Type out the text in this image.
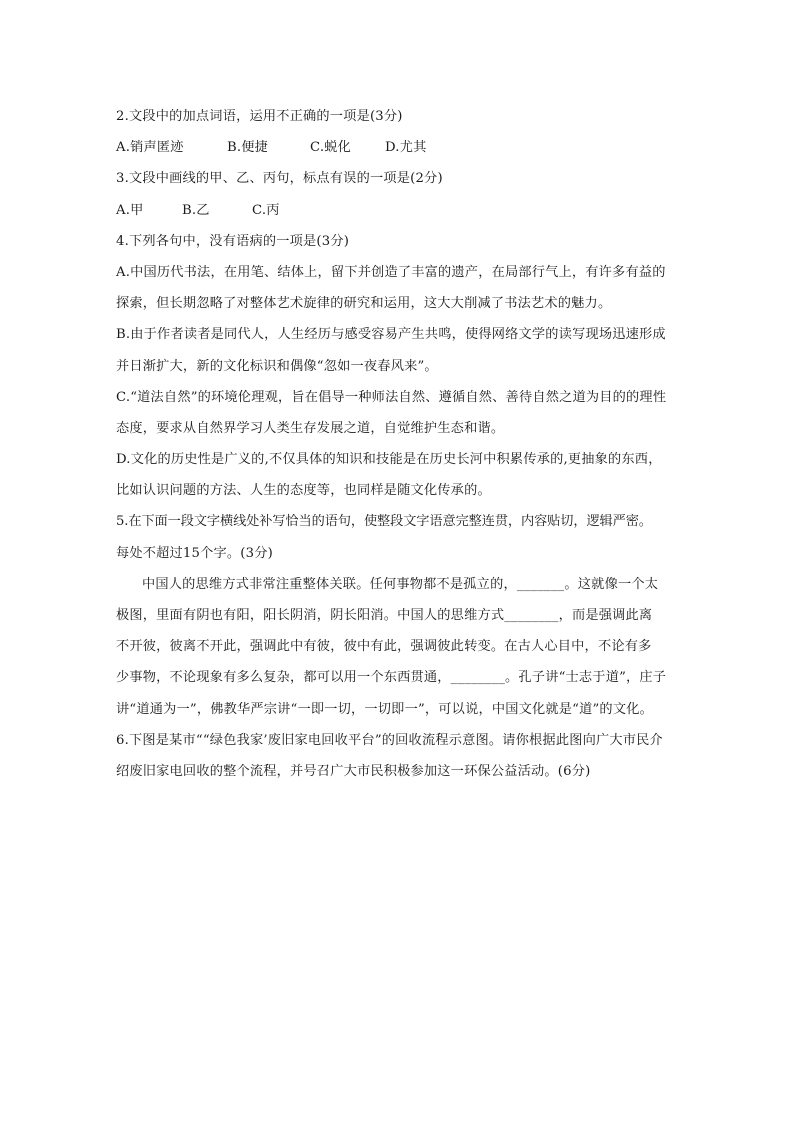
2.文段中的加点词语，运用不正确的一项是(3分)
A.销声匿迹	B.便捷	C.蜕化	D.尤其
3.文段中画线的甲、乙、丙句，标点有误的一项是(2分)
A.甲	B.乙	C.丙
4.下列各句中，没有语病的一项是(3分)
A.中国历代书法，在用笔、结体上，留下并创造了丰富的遗产，在局部行气上，有许多有益的
探索，但长期忽略了对整体艺术旋律的研究和运用，这大大削减了书法艺术的魅力。
B.由于作者读者是同代人，人生经历与感受容易产生共鸣，使得网络文学的读写现场迅速形成
并日渐扩大，新的文化标识和偶像“忽如一夜春风来”。
C.“道法自然”的环境伦理观，旨在倡导一种师法自然、遵循自然、善待自然之道为目的的理性
态度，要求从自然界学习人类生存发展之道，自觉维护生态和谐。
D.文化的历史性是广义的,不仅具体的知识和技能是在历史长河中积累传承的,更抽象的东西，
比如认识问题的方法、人生的态度等，也同样是随文化传承的。
5.在下面一段文字横线处补写恰当的语句，使整段文字语意完整连贯，内容贴切，逻辑严密。
每处不超过15个字。(3分)
中国人的思维方式非常注重整体关联。任何事物都不是孤立的，_______。这就像一个太
极图，里面有阴也有阳，阳长阴消，阴长阳消。中国人的思维方式________，而是强调此离
不开彼，彼离不开此，强调此中有彼，彼中有此，强调彼此转变。在古人心目中，不论有多
少事物，不论现象有多么复杂，都可以用一个东西贯通，________。孔子讲“士志于道”，庄子
讲“道通为一”，佛教华严宗讲“一即一切，一切即一”，可以说，中国文化就是“道”的文化。
6.下图是某市““绿色我家’废旧家电回收平台”的回收流程示意图。请你根据此图向广大市民介
绍废旧家电回收的整个流程，并号召广大市民积极参加这一环保公益活动。(6分)
